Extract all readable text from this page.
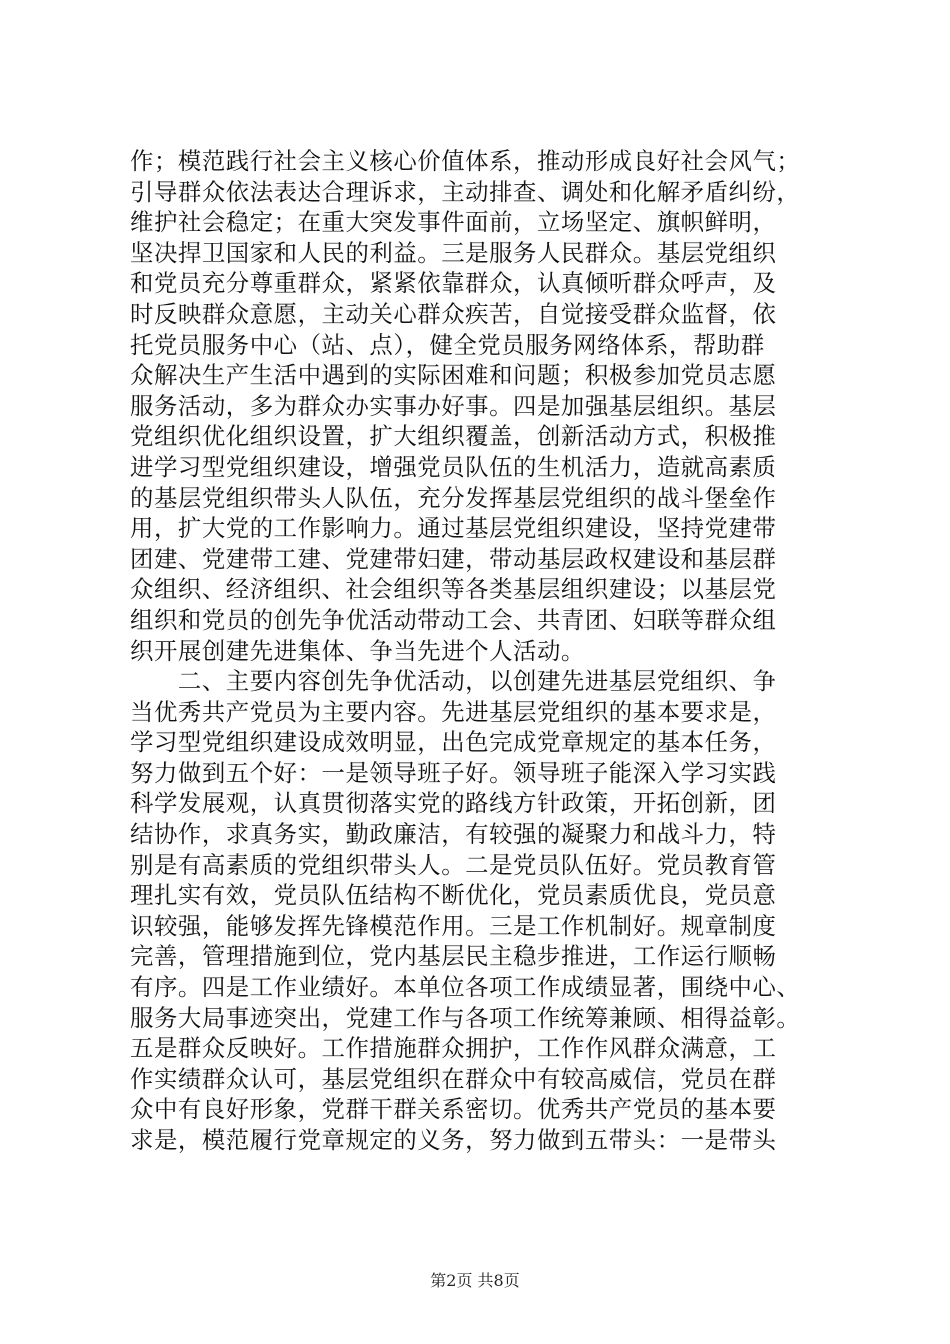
作；模范践行社会主义核心价值体系，推动形成良好社会风气；
引导群众依法表达合理诉求，主动排查、调处和化解矛盾纠纷，
维护社会稳定；在重大突发事件面前，立场坚定、旗帜鲜明，
坚决捍卫国家和人民的利益。三是服务人民群众。基层党组织
和党员充分尊重群众，紧紧依靠群众，认真倾听群众呼声，及
时反映群众意愿，主动关心群众疾苦，自觉接受群众监督，依
托党员服务中心（站、点），健全党员服务网络体系，帮助群
众解决生产生活中遇到的实际困难和问题；积极参加党员志愿
服务活动，多为群众办实事办好事。四是加强基层组织。基层
党组织优化组织设置，扩大组织覆盖，创新活动方式，积极推
进学习型党组织建设，增强党员队伍的生机活力，造就高素质
的基层党组织带头人队伍，充分发挥基层党组织的战斗堡垒作
用，扩大党的工作影响力。通过基层党组织建设，坚持党建带
团建、党建带工建、党建带妇建，带动基层政权建设和基层群
众组织、经济组织、社会组织等各类基层组织建设；以基层党
组织和党员的创先争优活动带动工会、共青团、妇联等群众组
织开展创建先进集体、争当先进个人活动。
　　二、主要内容创先争优活动，以创建先进基层党组织、争
当优秀共产党员为主要内容。先进基层党组织的基本要求是，
学习型党组织建设成效明显，出色完成党章规定的基本任务，
努力做到五个好：一是领导班子好。领导班子能深入学习实践
科学发展观，认真贯彻落实党的路线方针政策，开拓创新，团
结协作，求真务实，勤政廉洁，有较强的凝聚力和战斗力，特
别是有高素质的党组织带头人。二是党员队伍好。党员教育管
理扎实有效，党员队伍结构不断优化，党员素质优良，党员意
识较强，能够发挥先锋模范作用。三是工作机制好。规章制度
完善，管理措施到位，党内基层民主稳步推进，工作运行顺畅
有序。四是工作业绩好。本单位各项工作成绩显著，围绕中心、
服务大局事迹突出，党建工作与各项工作统筹兼顾、相得益彰。
五是群众反映好。工作措施群众拥护，工作作风群众满意，工
作实绩群众认可，基层党组织在群众中有较高威信，党员在群
众中有良好形象，党群干群关系密切。优秀共产党员的基本要
求是，模范履行党章规定的义务，努力做到五带头：一是带头
第2页 共8页
